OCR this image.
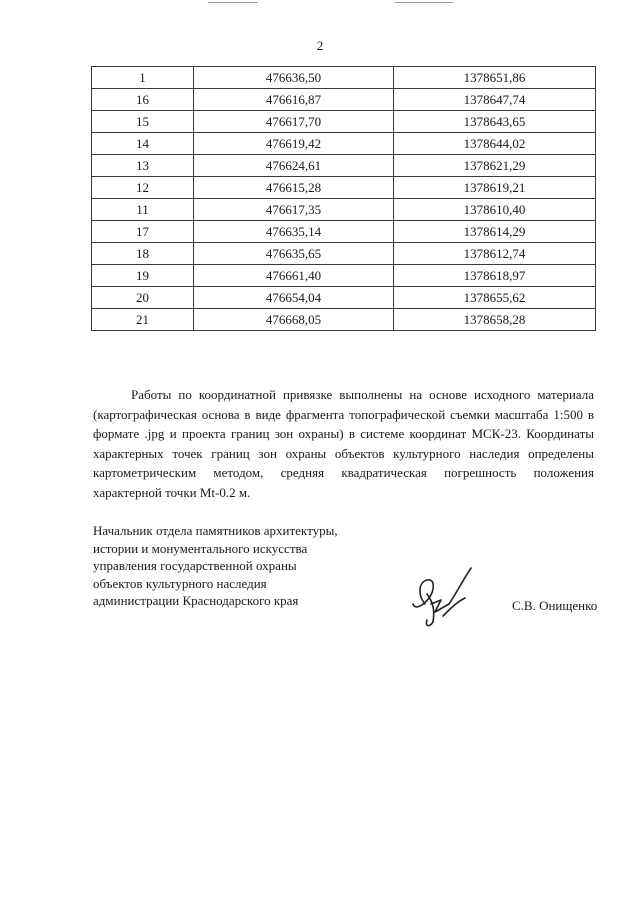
2
1	476636,50	1378651,86
16	476616,87	1378647,74
15	476617,70	1378643,65
14	476619,42	1378644,02
13	476624,61	1378621,29
12	476615,28	1378619,21
11	476617,35	1378610,40
17	476635,14	1378614,29
18	476635,65	1378612,74
19	476661,40	1378618,97
20	476654,04	1378655,62
21	476668,05	1378658,28
Работы по координатной привязке выполнены на основе исходного материала (картографическая основа в виде фрагмента топографической съемки масштаба 1:500 в формате .jpg и проекта границ зон охраны) в системе координат МСК-23. Координаты характерных точек границ зон охраны объектов культурного наследия определены картометрическим методом, средняя квадратическая погрешность положения характерной точки Mt-0.2 м.
Начальник отдела памятников архитектуры,
истории и монументального искусства
управления государственной охраны
объектов культурного наследия
администрации Краснодарского края	С.В. Онищенко
